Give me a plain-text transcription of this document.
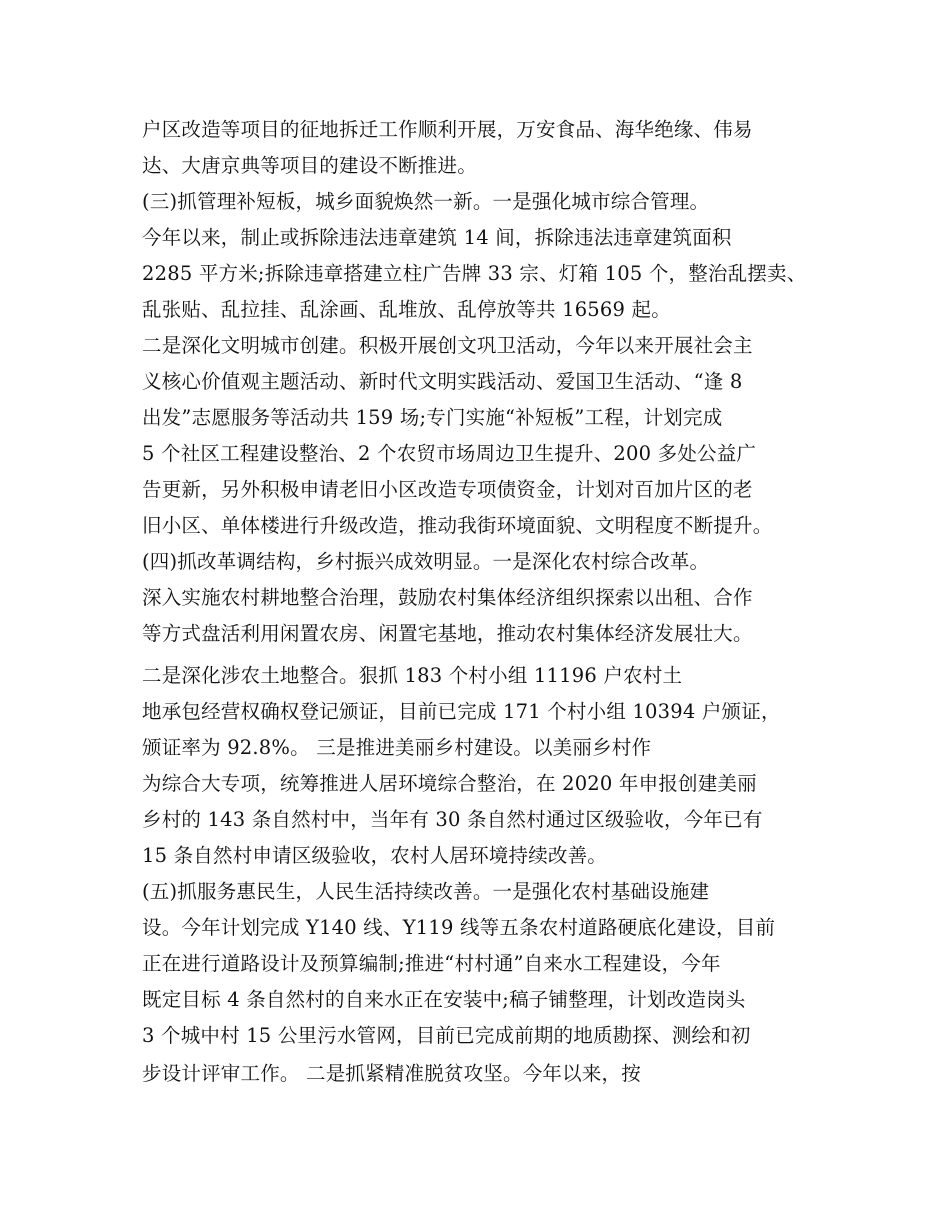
户区改造等项目的征地拆迁工作顺利开展，万安食品、海华绝缘、伟易

达、大唐京典等项目的建设不断推进。

(三)抓管理补短板，城乡面貌焕然一新。一是强化城市综合管理。

今年以来，制止或拆除违法违章建筑 14 间，拆除违法违章建筑面积

2285 平方米;拆除违章搭建立柱广告牌 33 宗、灯箱 105 个，整治乱摆卖、

乱张贴、乱拉挂、乱涂画、乱堆放、乱停放等共 16569 起。

二是深化文明城市创建。积极开展创文巩卫活动，今年以来开展社会主

义核心价值观主题活动、新时代文明实践活动、爱国卫生活动、“逢 8

出发”志愿服务等活动共 159 场;专门实施“补短板”工程，计划完成

5 个社区工程建设整治、2 个农贸市场周边卫生提升、200 多处公益广

告更新，另外积极申请老旧小区改造专项债资金，计划对百加片区的老

旧小区、单体楼进行升级改造，推动我街环境面貌、文明程度不断提升。

(四)抓改革调结构，乡村振兴成效明显。一是深化农村综合改革。

深入实施农村耕地整合治理，鼓励农村集体经济组织探索以出租、合作

等方式盘活利用闲置农房、闲置宅基地，推动农村集体经济发展壮大。

二是深化涉农土地整合。狠抓 183 个村小组 11196 户农村土

地承包经营权确权登记颁证，目前已完成 171 个村小组 10394 户颁证，

颁证率为 92.8%。 三是推进美丽乡村建设。以美丽乡村作

为综合大专项，统筹推进人居环境综合整治，在 2020 年申报创建美丽

乡村的 143 条自然村中，当年有 30 条自然村通过区级验收，今年已有

15 条自然村申请区级验收，农村人居环境持续改善。

(五)抓服务惠民生，人民生活持续改善。一是强化农村基础设施建

设。今年计划完成 Y140 线、Y119 线等五条农村道路硬底化建设，目前

正在进行道路设计及预算编制;推进“村村通”自来水工程建设，今年

既定目标 4 条自然村的自来水正在安装中;稿子铺整理，计划改造岗头

3 个城中村 15 公里污水管网，目前已完成前期的地质勘探、测绘和初

步设计评审工作。 二是抓紧精准脱贫攻坚。今年以来，按
